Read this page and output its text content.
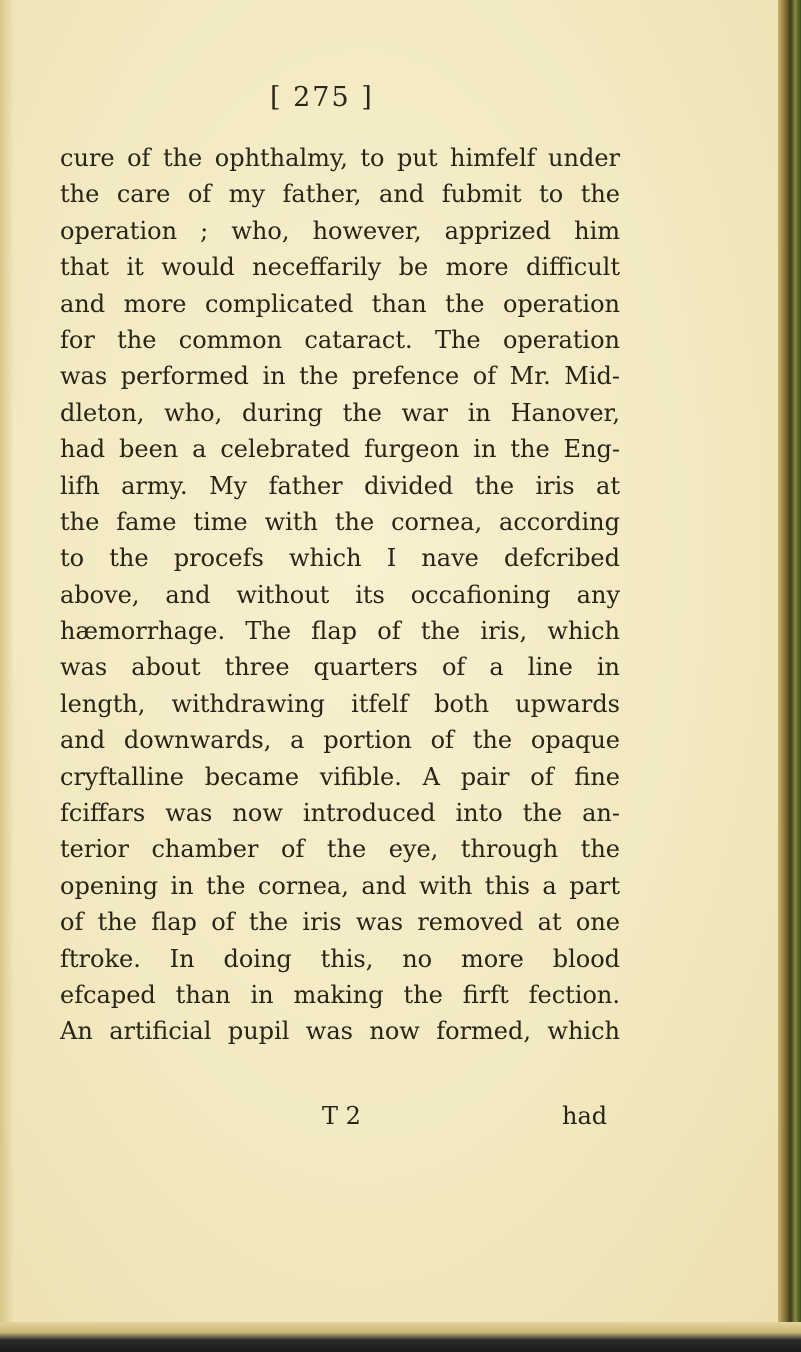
[ 275 ]
cure of the ophthalmy, to put himfelf under
the care of my father, and fubmit to the
operation ; who, however, apprized him
that it would neceffarily be more difficult
and more complicated than the operation
for the common cataract. The operation
was performed in the prefence of Mr. Mid-
dleton, who, during the war in Hanover,
had been a celebrated furgeon in the Eng-
lifh army. My father divided the iris at
the fame time with the cornea, according
to the procefs which I nave defcribed
above, and without its occafioning any
hæmorrhage. The flap of the iris, which
was about three quarters of a line in
length, withdrawing itfelf both upwards
and downwards, a portion of the opaque
cryftalline became vifible. A pair of fine
fciffars was now introduced into the an-
terior chamber of the eye, through the
opening in the cornea, and with this a part
of the flap of the iris was removed at one
ftroke. In doing this, no more blood
efcaped than in making the firft fection.
An artificial pupil was now formed, which
T 2	had
